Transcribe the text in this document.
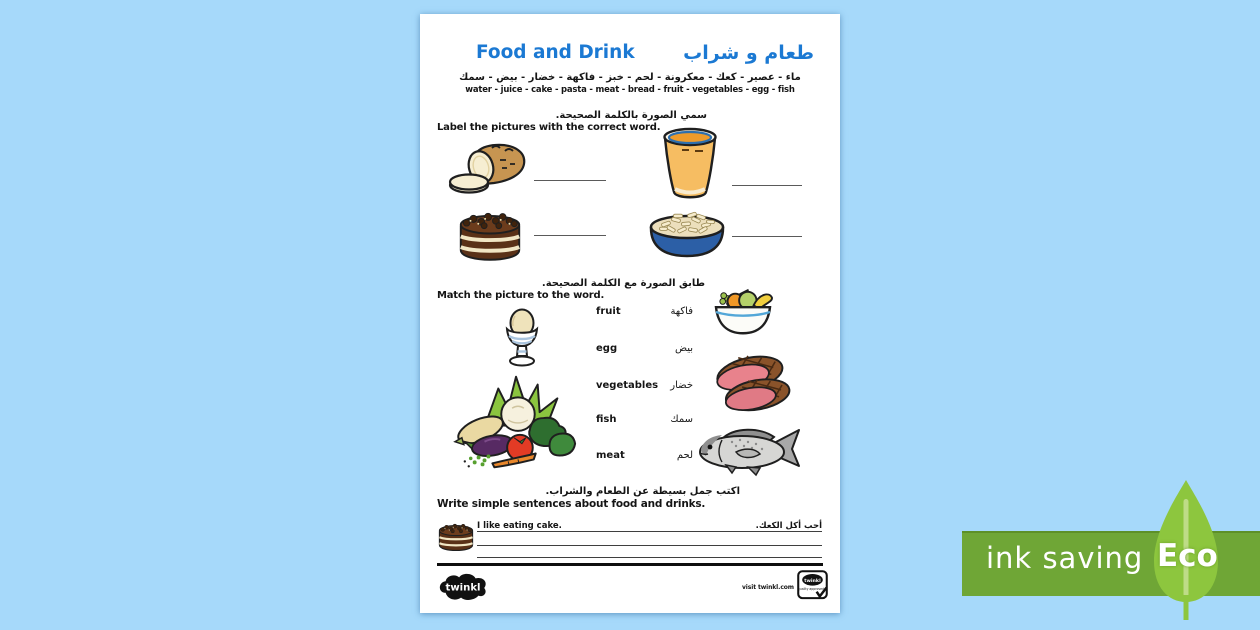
Food and Drink	طعام و شراب
ماء - عصير - كعك - معكرونة - لحم - خبز - فاكهة - خضار - بيض - سمك
water - juice - cake - pasta - meat - bread - fruit - vegetables - egg - fish
سمي الصورة بالكلمة الصحيحة.
Label the pictures with the correct word.
طابق الصورة مع الكلمة الصحيحة.
Match the picture to the word.
fruit	فاكهة
egg	بيض
vegetables خضار
fish	سمك
meat	لحم
اكتب جمل بسيطة عن الطعام والشراب.
Write simple sentences about food and drinks.
I like eating cake.	أحب أكل الكعك.
twinkl	visit twinkl.com
twinkl
quality approved
ink saving Eco
